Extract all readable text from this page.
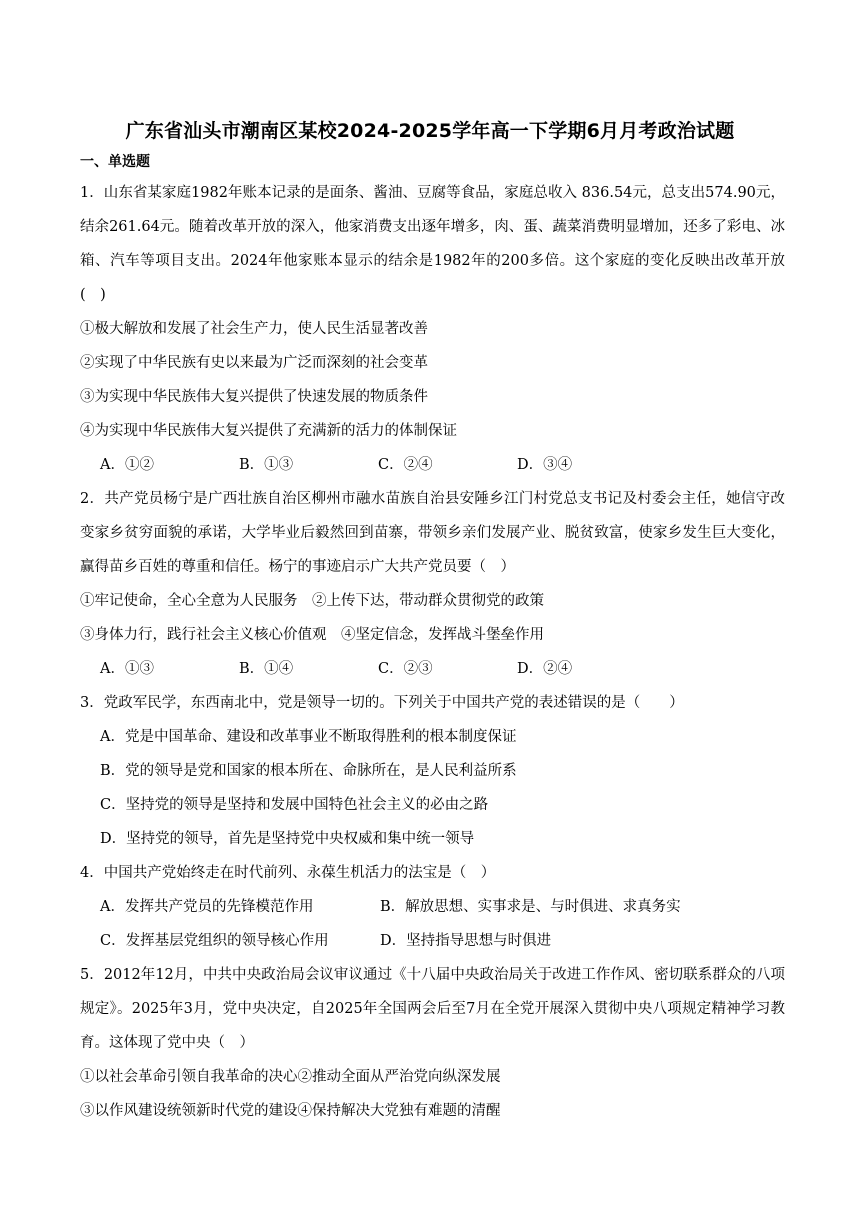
广东省汕头市潮南区某校2024-2025学年高一下学期6月月考政治试题
一、单选题
1．山东省某家庭1982年账本记录的是面条、酱油、豆腐等食品，家庭总收入 836.54元，总支出574.90元，结余261.64元。随着改革开放的深入，他家消费支出逐年增多，肉、蛋、蔬菜消费明显增加，还多了彩电、冰箱、汽车等项目支出。2024年他家账本显示的结余是1982年的200多倍。这个家庭的变化反映出改革开放(　)
①极大解放和发展了社会生产力，使人民生活显著改善
②实现了中华民族有史以来最为广泛而深刻的社会变革
③为实现中华民族伟大复兴提供了快速发展的物质条件
④为实现中华民族伟大复兴提供了充满新的活力的体制保证
A．①②	B．①③	C．②④	D．③④
2．共产党员杨宁是广西壮族自治区柳州市融水苗族自治县安陲乡江门村党总支书记及村委会主任，她信守改变家乡贫穷面貌的承诺，大学毕业后毅然回到苗寨，带领乡亲们发展产业、脱贫致富，使家乡发生巨大变化，赢得苗乡百姓的尊重和信任。杨宁的事迹启示广大共产党员要（　）
①牢记使命，全心全意为人民服务　②上传下达，带动群众贯彻党的政策
③身体力行，践行社会主义核心价值观　④坚定信念，发挥战斗堡垒作用
A．①③	B．①④	C．②③	D．②④
3．党政军民学，东西南北中，党是领导一切的。下列关于中国共产党的表述错误的是（　　）
A．党是中国革命、建设和改革事业不断取得胜利的根本制度保证
B．党的领导是党和国家的根本所在、命脉所在，是人民利益所系
C．坚持党的领导是坚持和发展中国特色社会主义的必由之路
D．坚持党的领导，首先是坚持党中央权威和集中统一领导
4．中国共产党始终走在时代前列、永葆生机活力的法宝是（　）
A．发挥共产党员的先锋模范作用	B．解放思想、实事求是、与时俱进、求真务实
C．发挥基层党组织的领导核心作用	D．坚持指导思想与时俱进
5．2012年12月，中共中央政治局会议审议通过《十八届中央政治局关于改进工作作风、密切联系群众的八项规定》。2025年3月，党中央决定，自2025年全国两会后至7月在全党开展深入贯彻中央八项规定精神学习教育。这体现了党中央（　）
①以社会革命引领自我革命的决心②推动全面从严治党向纵深发展
③以作风建设统领新时代党的建设④保持解决大党独有难题的清醒
